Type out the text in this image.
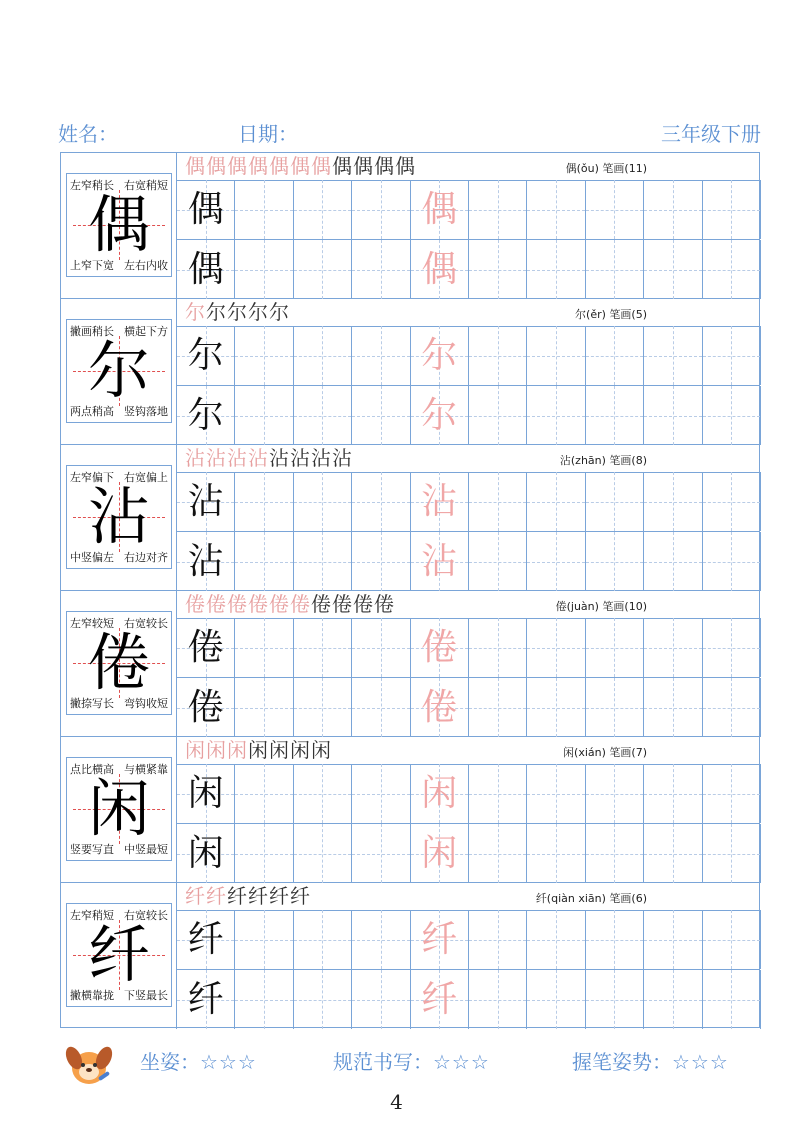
姓名：	日期：	三年级下册
左窄稍长 右宽稍短
上窄下宽 左右内收
偶
偶偶偶偶偶偶偶偶偶偶偶	偶(ǒu) 笔画(11)
偶	偶
偶	偶
撇画稍长 横起下方
两点稍高 竖钩落地
尔
尔尔尔尔尔	尔(ěr) 笔画(5)
尔	尔
尔	尔
左窄偏下 右宽偏上
中竖偏左 右边对齐
沾
沾沾沾沾沾沾沾沾	沾(zhān) 笔画(8)
沾	沾
沾	沾
左窄较短 右宽较长
撇捺写长 弯钩收短
倦
倦倦倦倦倦倦倦倦倦倦	倦(juàn) 笔画(10)
倦	倦
倦	倦
点比横高 与横紧靠
竖要写直 中竖最短
闲
闲闲闲闲闲闲闲	闲(xián) 笔画(7)
闲	闲
闲	闲
左窄稍短 右宽较长
撇横靠拢 下竖最长
纤
纤纤纤纤纤纤	纤(qiàn xiān) 笔画(6)
纤	纤
纤	纤
坐姿：☆☆☆	规范书写：☆☆☆	握笔姿势：☆☆☆
4
